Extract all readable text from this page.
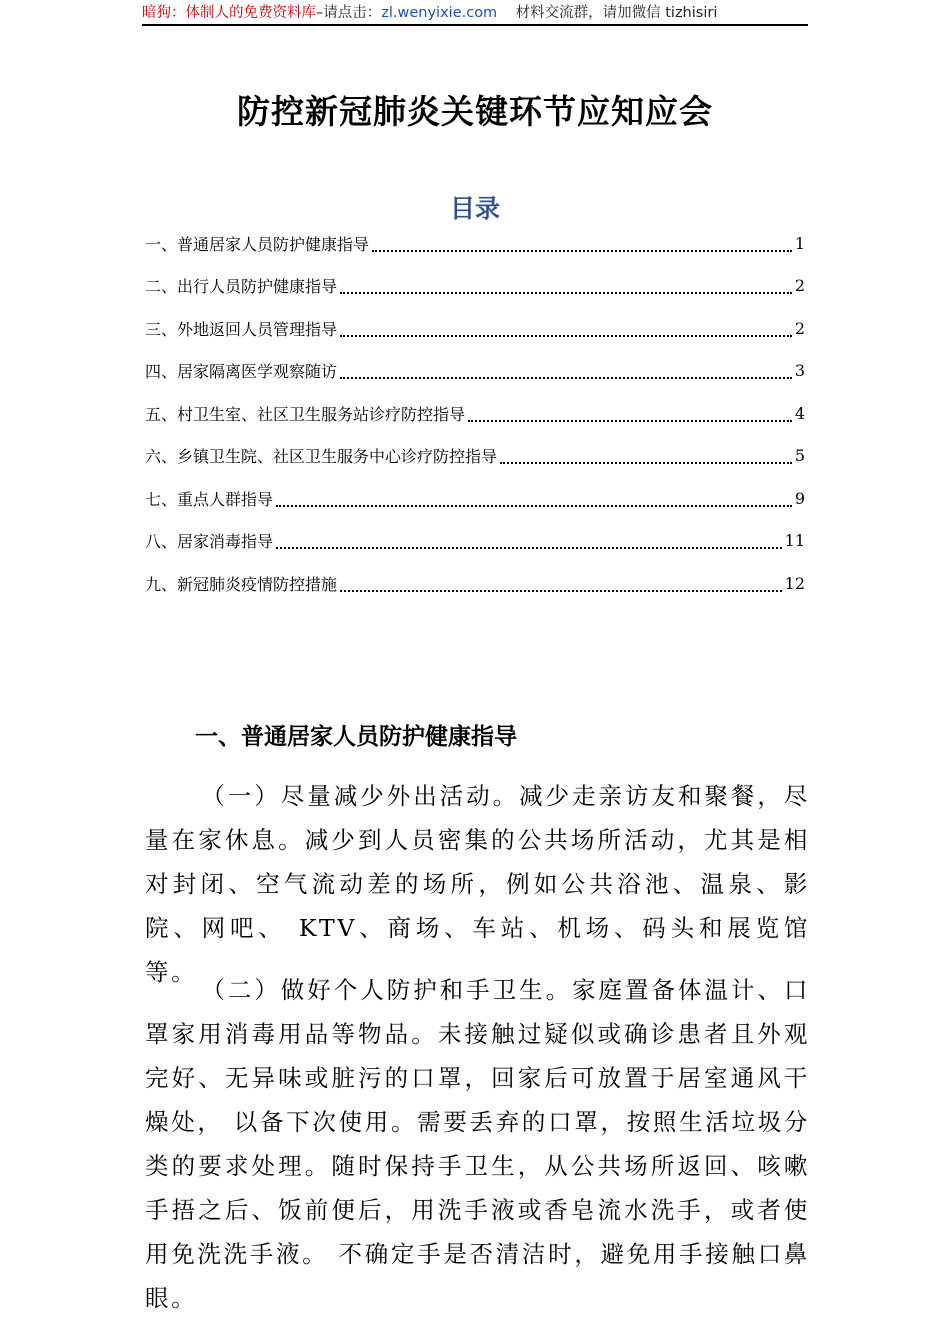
暗狗：体制人的免费资料库–请点击：zl.wenyixie.com 材料交流群，请加微信 tizhisiri
防控新冠肺炎关键环节应知应会
目录
一、普通居家人员防护健康指导	1
二、出行人员防护健康指导	2
三、外地返回人员管理指导	2
四、居家隔离医学观察随访	3
五、村卫生室、社区卫生服务站诊疗防控指导	4
六、乡镇卫生院、社区卫生服务中心诊疗防控指导	5
七、重点人群指导	9
八、居家消毒指导	11
九、新冠肺炎疫情防控措施	12
一、普通居家人员防护健康指导
（一）尽量减少外出活动。减少走亲访友和聚餐，尽量在家休息。减少到人员密集的公共场所活动，尤其是相对封闭、空气流动差的场所，例如公共浴池、温泉、影院、网吧、 KTV、商场、车站、机场、码头和展览馆等。
（二）做好个人防护和手卫生。家庭置备体温计、口罩家用消毒用品等物品。未接触过疑似或确诊患者且外观完好、无异味或脏污的口罩，回家后可放置于居室通风干燥处， 以备下次使用。需要丢弃的口罩，按照生活垃圾分类的要求处理。随时保持手卫生，从公共场所返回、咳嗽手捂之后、饭前便后，用洗手液或香皂流水洗手，或者使用免洗洗手液。 不确定手是否清洁时，避免用手接触口鼻眼。
